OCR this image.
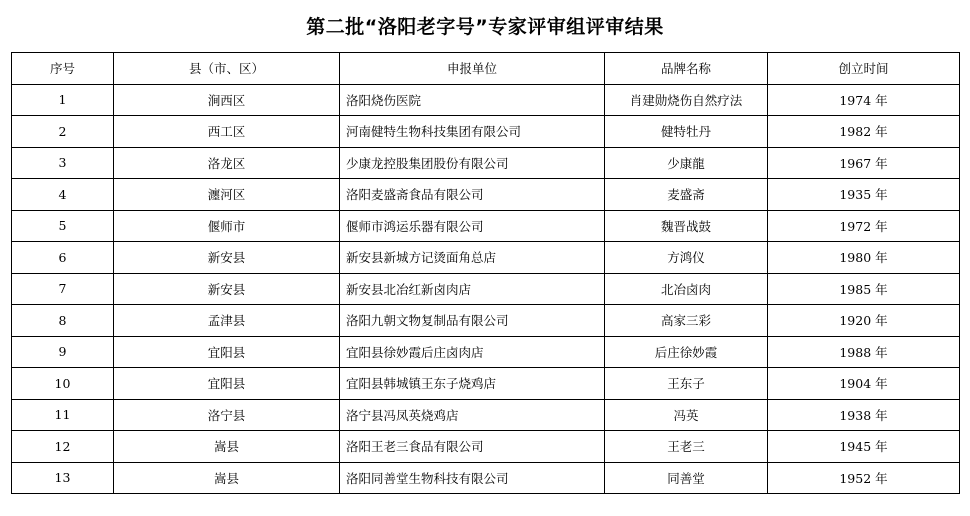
第二批“洛阳老字号”专家评审组评审结果
序号	县（市、区）	申报单位	品牌名称	创立时间
1	涧西区	洛阳烧伤医院	肖建勋烧伤自然疗法	1974 年
2	西工区	河南健特生物科技集团有限公司	健特牡丹	1982 年
3	洛龙区	少康龙控股集团股份有限公司	少康龍	1967 年
4	瀍河区	洛阳麦盛斋食品有限公司	麦盛斋	1935 年
5	偃师市	偃师市鸿运乐器有限公司	魏晋战鼓	1972 年
6	新安县	新安县新城方记烫面角总店	方鸿仪	1980 年
7	新安县	新安县北冶红新卤肉店	北冶卤肉	1985 年
8	孟津县	洛阳九朝文物复制品有限公司	高家三彩	1920 年
9	宜阳县	宜阳县徐妙霞后庄卤肉店	后庄徐妙霞	1988 年
10	宜阳县	宜阳县韩城镇王东子烧鸡店	王东子	1904 年
11	洛宁县	洛宁县冯凤英烧鸡店	冯英	1938 年
12	嵩县	洛阳王老三食品有限公司	王老三	1945 年
13	嵩县	洛阳同善堂生物科技有限公司	同善堂	1952 年
